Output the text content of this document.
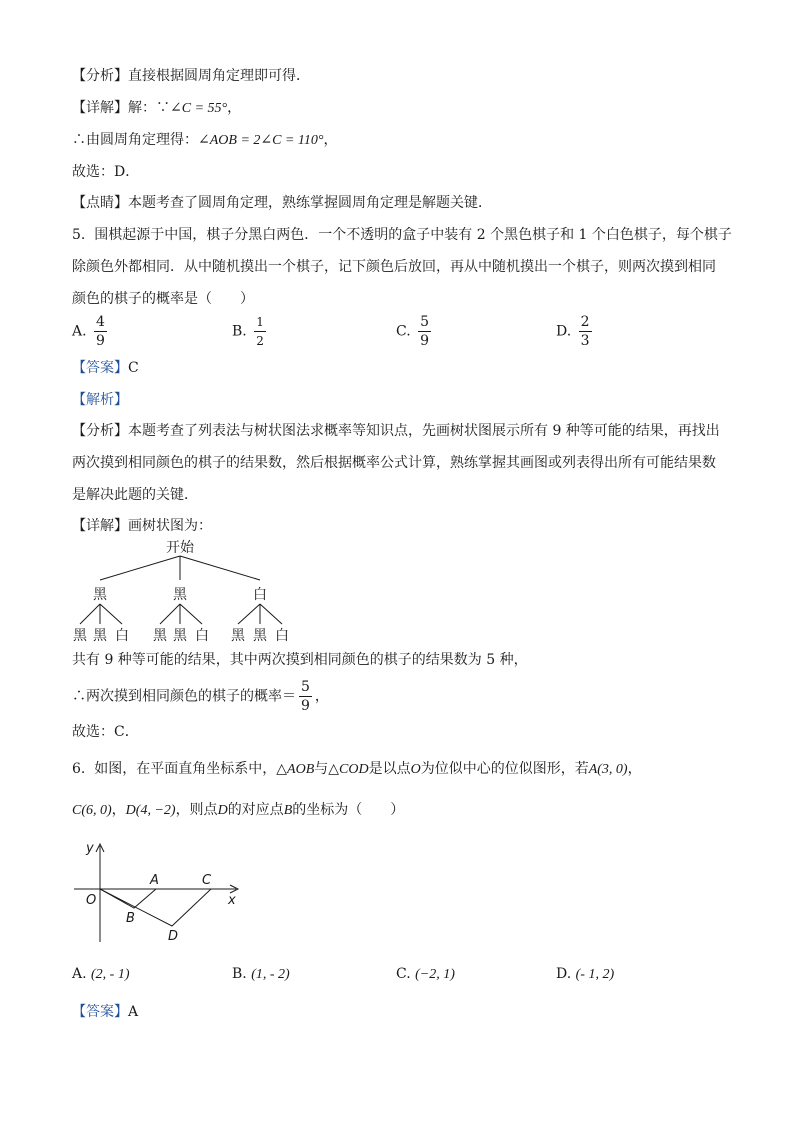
【分析】直接根据圆周角定理即可得．
【详解】解：∵∠C = 55°，
∴由圆周角定理得：∠AOB = 2∠C = 110°，
故选：D．
【点睛】本题考查了圆周角定理，熟练掌握圆周角定理是解题关键．
5. 围棋起源于中国，棋子分黑白两色．一个不透明的盒子中装有 2 个黑色棋子和 1 个白色棋子，每个棋子
除颜色外都相同．从中随机摸出一个棋子，记下颜色后放回，再从中随机摸出一个棋子，则两次摸到相同
颜色的棋子的概率是（　　）
A. $\frac{4}{9}$	B. $\frac{1}{2}$	C. $\frac{5}{9}$	D. $\frac{2}{3}$
【答案】C
【解析】
【分析】本题考查了列表法与树状图法求概率等知识点，先画树状图展示所有 9 种等可能的结果，再找出
两次摸到相同颜色的棋子的结果数，然后根据概率公式计算，熟练掌握其画图或列表得出所有可能结果数
是解决此题的关键．
【详解】画树状图为：
开始
黑	黑	白
黑 黑 白 黑 黑 白 黑 黑 白
共有 9 种等可能的结果，其中两次摸到相同颜色的棋子的结果数为 5 种，
∴两次摸到相同颜色的棋子的概率＝ $\frac{5}{9}$ ，
故选：C．
6. 如图，在平面直角坐标系中，△AOB与△COD是以点O为位似中心的位似图形，若A(3, 0)，
C(6, 0)，D(4, −2)，则点D的对应点B的坐标为（　　）
y
x
O
A	C
B
D
A. (2, - 1)	B. (1, - 2)	C. (−2, 1)	D. (- 1, 2)
【答案】A
